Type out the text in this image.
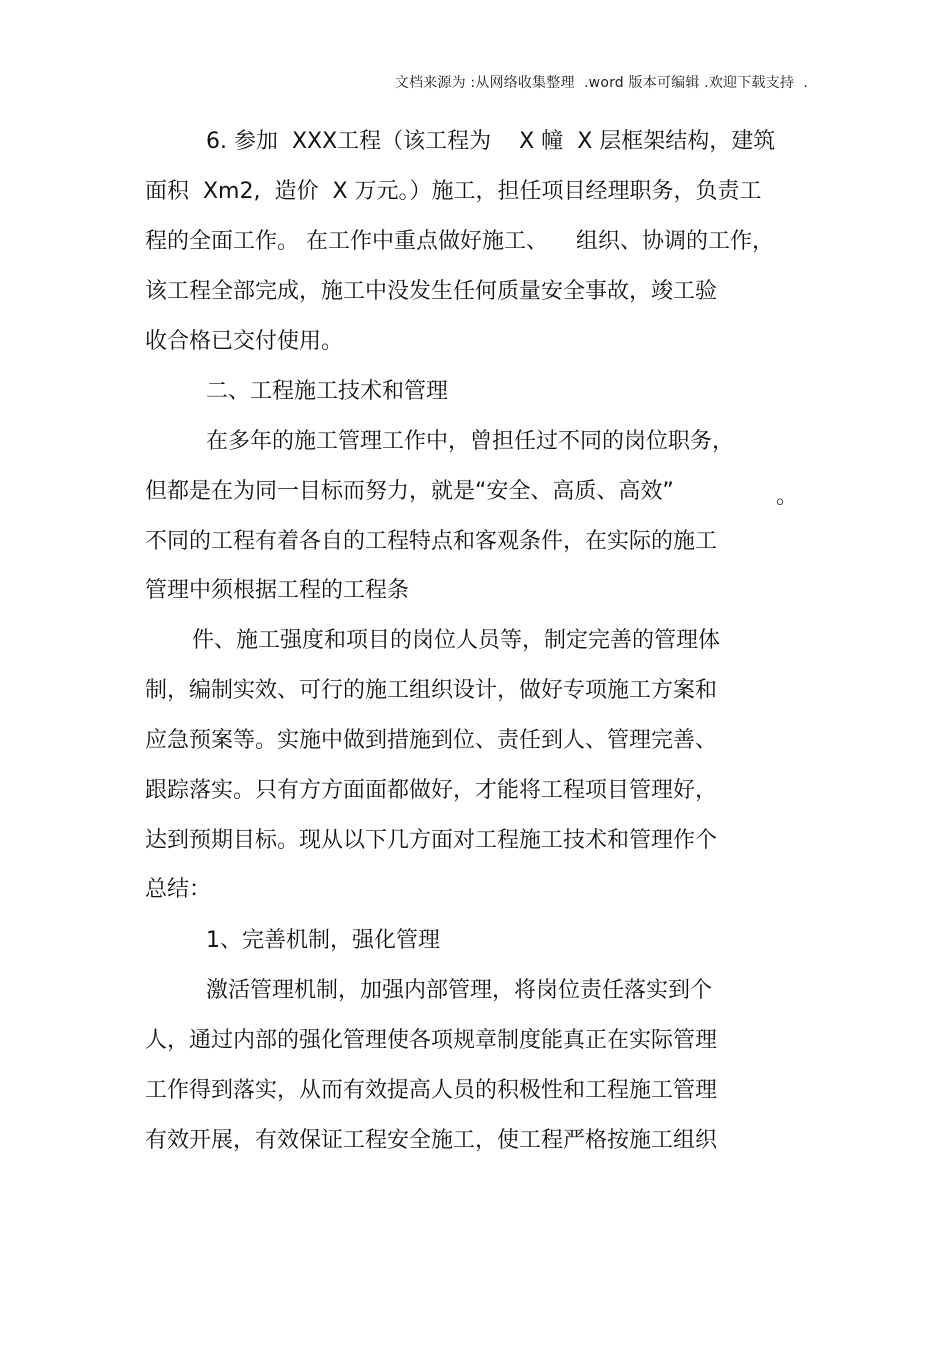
文档来源为 :从网络收集整理  .word 版本可编辑 .欢迎下载支持  .
6. 参加  XXX工程（该工程为    X 幢  X 层框架结构，建筑
面积  Xm2,  造价  X 万元。）施工，担任项目经理职务，负责工
程的全面工作。 在工作中重点做好施工、    组织、协调的工作，
该工程全部完成，施工中没发生任何质量安全事故，竣工验
收合格已交付使用。
二、工程施工技术和管理
在多年的施工管理工作中，曾担任过不同的岗位职务，
但都是在为同一目标而努力，就是“安全、高质、高效”	。
不同的工程有着各自的工程特点和客观条件，在实际的施工
管理中须根据工程的工程条
件、施工强度和项目的岗位人员等，制定完善的管理体
制，编制实效、可行的施工组织设计，做好专项施工方案和
应急预案等。实施中做到措施到位、责任到人、管理完善、
跟踪落实。只有方方面面都做好，才能将工程项目管理好，
达到预期目标。现从以下几方面对工程施工技术和管理作个
总结：
1、完善机制，强化管理
激活管理机制，加强内部管理，将岗位责任落实到个
人，通过内部的强化管理使各项规章制度能真正在实际管理
工作得到落实，从而有效提高人员的积极性和工程施工管理
有效开展，有效保证工程安全施工，使工程严格按施工组织
